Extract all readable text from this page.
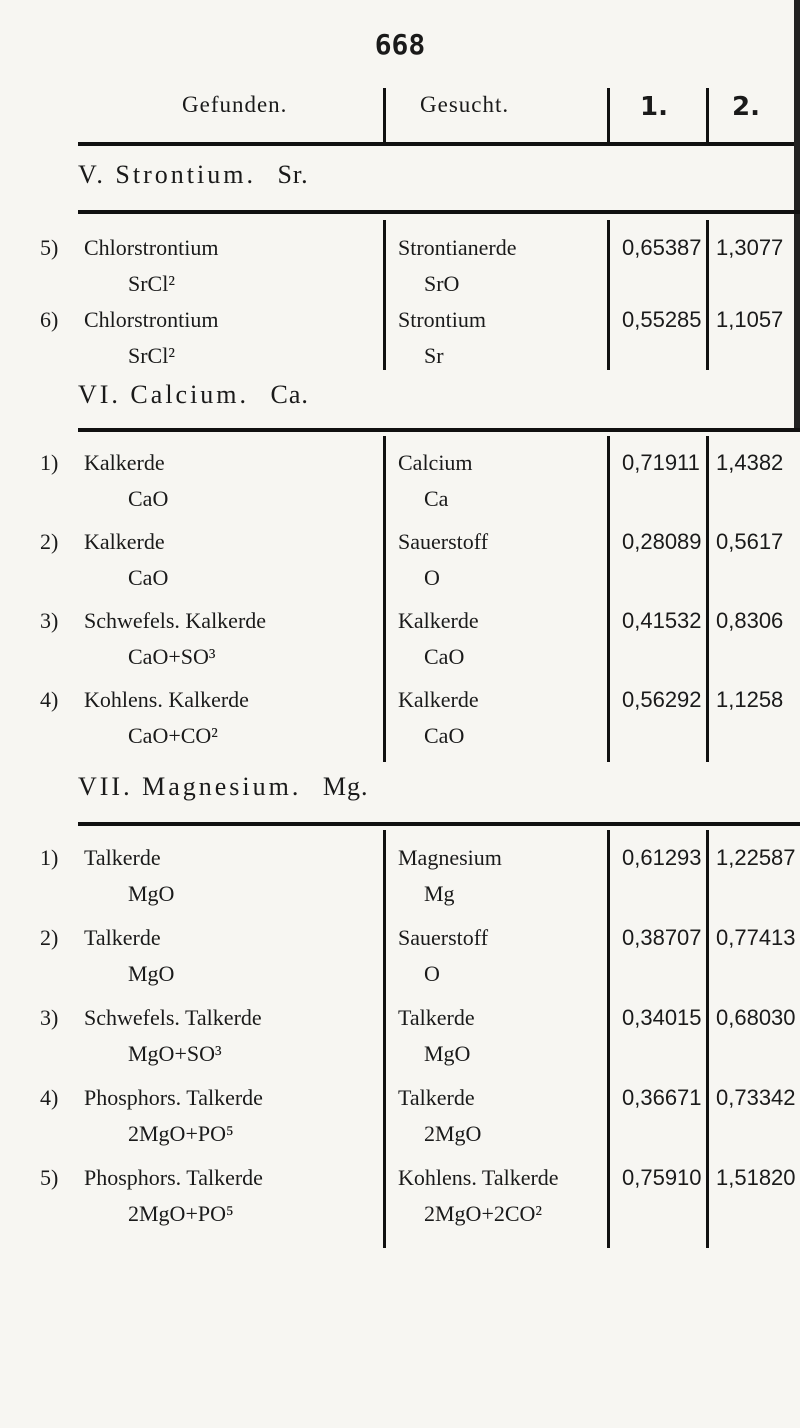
668
Gefunden.	Gesucht.	1. 2.
V. Strontium. Sr.
5) Chlorstrontium	Strontianerde	0,65387 1,3077
SrCl²	SrO
6) Chlorstrontium	Strontium	0,55285 1,1057
SrCl²	Sr
VI. Calcium. Ca.
1) Kalkerde	Calcium	0,71911 1,4382
CaO	Ca
2) Kalkerde	Sauerstoff	0,28089 0,5617
CaO	O
3) Schwefels. Kalkerde	Kalkerde	0,41532 0,8306
CaO+SO³	CaO
4) Kohlens. Kalkerde	Kalkerde	0,56292 1,1258
CaO+CO²	CaO
VII. Magnesium. Mg.
1) Talkerde	Magnesium	0,61293 1,22587
MgO	Mg
2) Talkerde	Sauerstoff	0,38707 0,77413
MgO	O
3) Schwefels. Talkerde	Talkerde	0,34015 0,68030
MgO+SO³	MgO
4) Phosphors. Talkerde	Talkerde	0,36671 0,73342
2MgO+PO⁵	2MgO
5) Phosphors. Talkerde	Kohlens. Talkerde	0,75910 1,51820
2MgO+PO⁵	2MgO+2CO²
